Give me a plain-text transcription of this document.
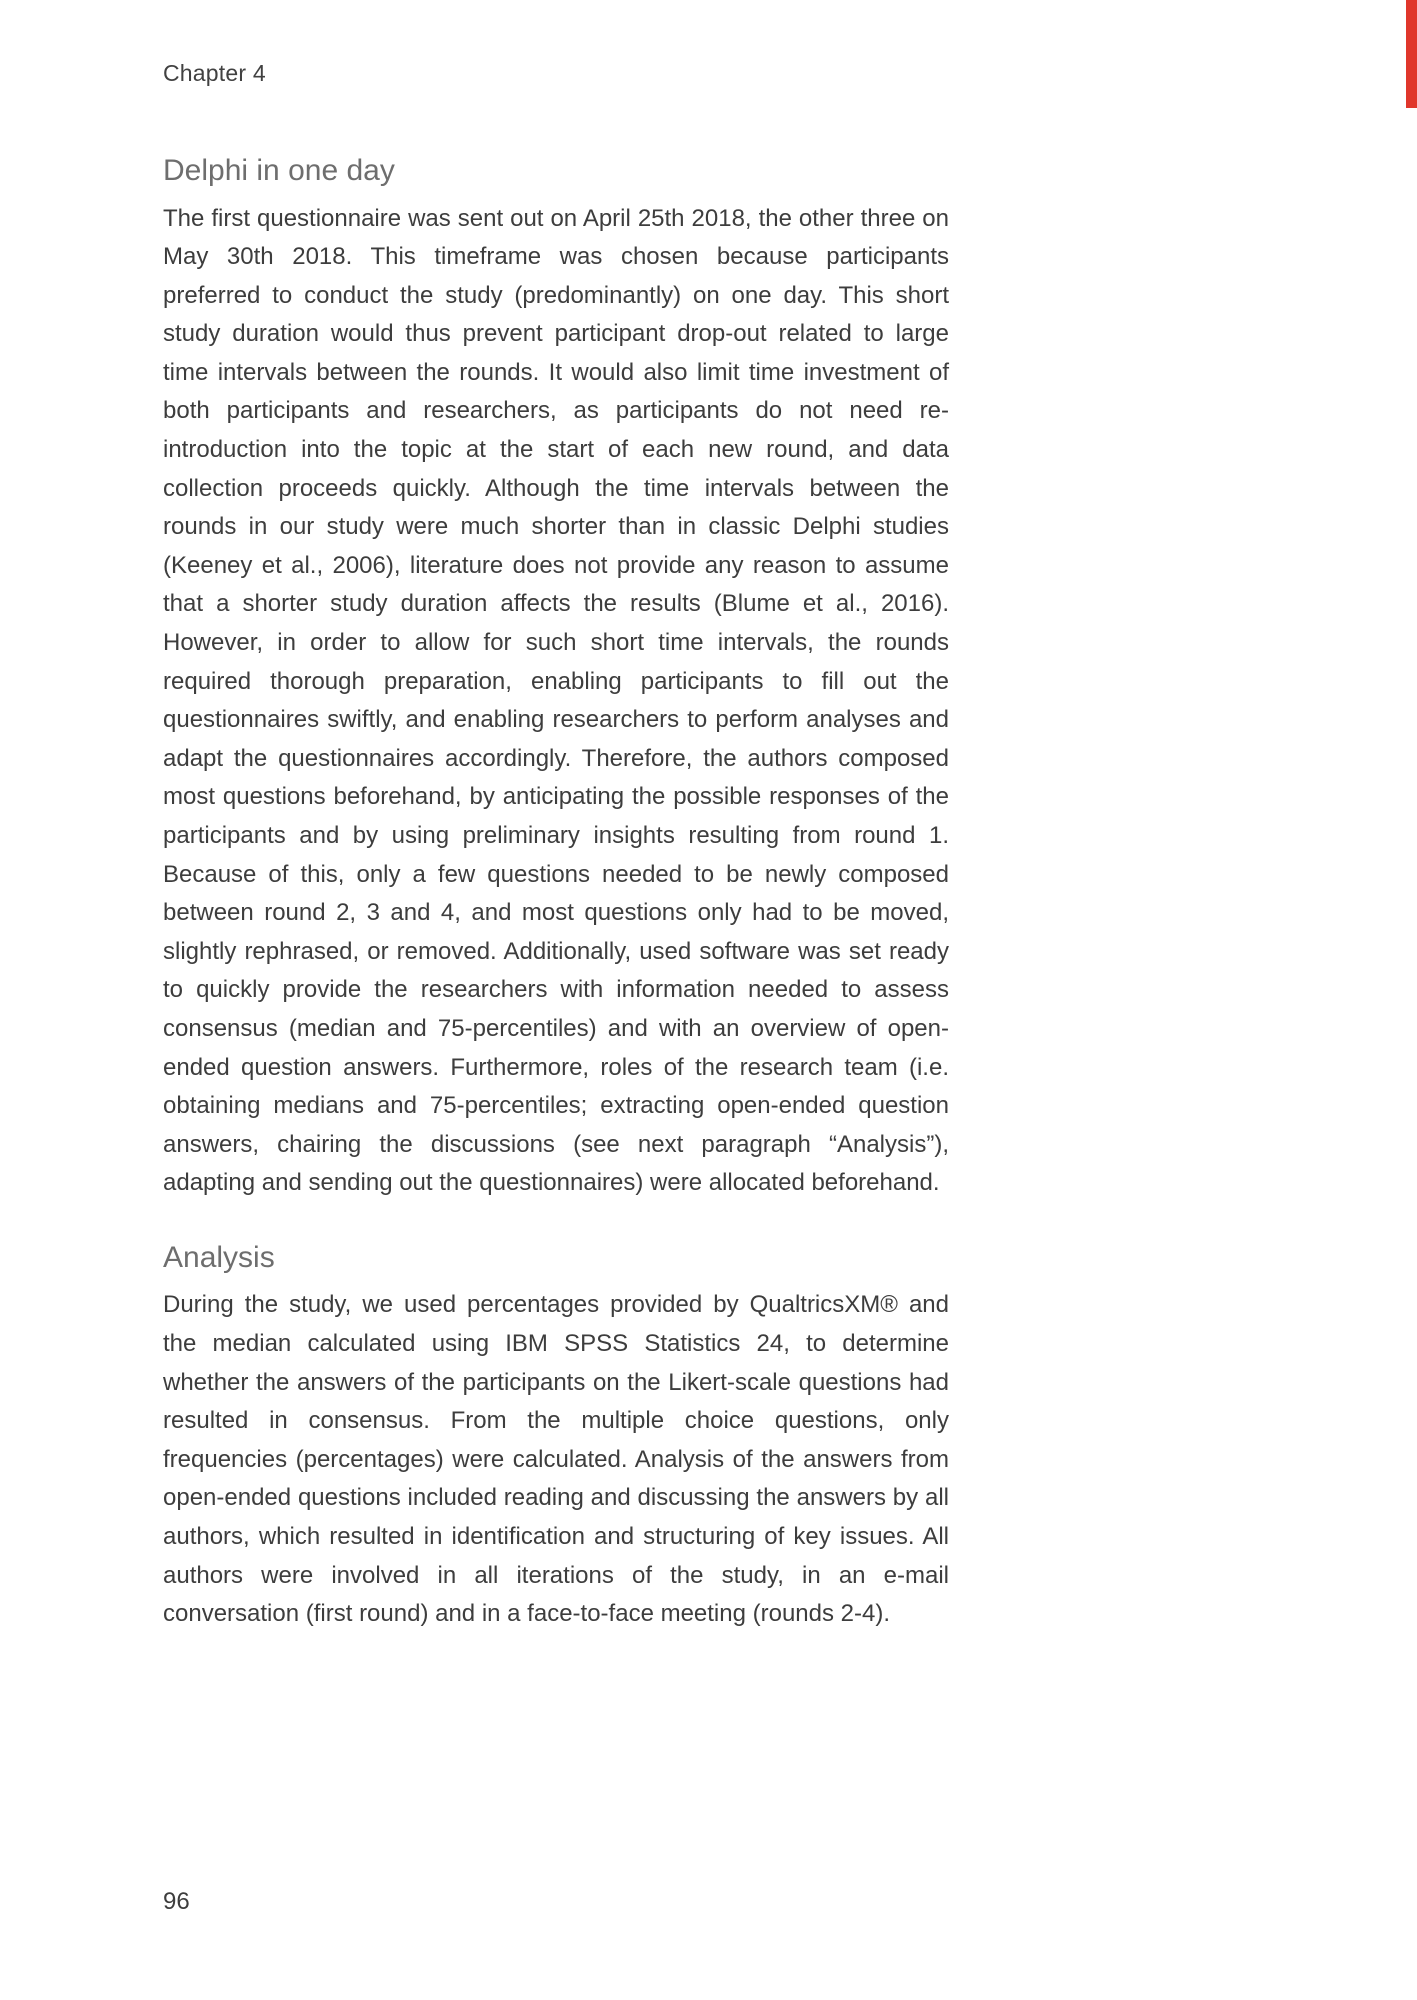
Chapter 4
Delphi in one day

The first questionnaire was sent out on April 25th 2018, the other three on May 30th 2018. This timeframe was chosen because participants preferred to conduct the study (predominantly) on one day. This short study duration would thus prevent participant drop-out related to large time intervals between the rounds. It would also limit time investment of both participants and researchers, as participants do not need re-introduction into the topic at the start of each new round, and data collection proceeds quickly. Although the time intervals between the rounds in our study were much shorter than in classic Delphi studies (Keeney et al., 2006), literature does not provide any reason to assume that a shorter study duration affects the results (Blume et al., 2016). However, in order to allow for such short time intervals, the rounds required thorough preparation, enabling participants to fill out the questionnaires swiftly, and enabling researchers to perform analyses and adapt the questionnaires accordingly. Therefore, the authors composed most questions beforehand, by anticipating the possible responses of the participants and by using preliminary insights resulting from round 1. Because of this, only a few questions needed to be newly composed between round 2, 3 and 4, and most questions only had to be moved, slightly rephrased, or removed. Additionally, used software was set ready to quickly provide the researchers with information needed to assess consensus (median and 75-percentiles) and with an overview of open-ended question answers. Furthermore, roles of the research team (i.e. obtaining medians and 75-percentiles; extracting open-ended question answers, chairing the discussions (see next paragraph “Analysis”), adapting and sending out the questionnaires) were allocated beforehand.

Analysis

During the study, we used percentages provided by QualtricsXM® and the median calculated using IBM SPSS Statistics 24, to determine whether the answers of the participants on the Likert-scale questions had resulted in consensus. From the multiple choice questions, only frequencies (percentages) were calculated. Analysis of the answers from open-ended questions included reading and discussing the answers by all authors, which resulted in identification and structuring of key issues. All authors were involved in all iterations of the study, in an e-mail conversation (first round) and in a face-to-face meeting (rounds 2-4).

96
